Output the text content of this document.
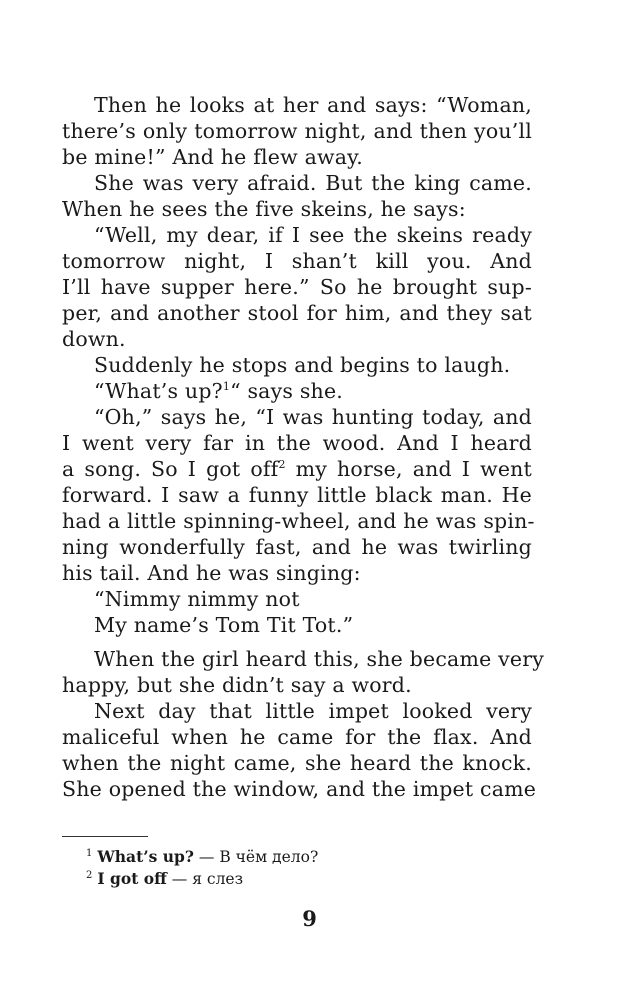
Then he looks at her and says: “Woman,
there’s only tomorrow night, and then you’ll
be mine!” And he flew away.
She was very afraid. But the king came.
When he sees the five skeins, he says:
“Well, my dear, if I see the skeins ready
tomorrow night, I shan’t kill you. And
I’ll have supper here.” So he brought sup-
per, and another stool for him, and they sat
down.
Suddenly he stops and begins to laugh.
“What’s up?$^1$“ says she.
“Oh,” says he, “I was hunting today, and
I went very far in the wood. And I heard
a song. So I got off$^2$ my horse, and I went
forward. I saw a funny little black man. He
had a little spinning-wheel, and he was spin-
ning wonderfully fast, and he was twirling
his tail. And he was singing:
“Nimmy nimmy not
My name’s Tom Tit Tot.”
When the girl heard this, she became very
happy, but she didn’t say a word.
Next day that little impet looked very
maliceful when he came for the flax. And
when the night came, she heard the knock.
She opened the window, and the impet came
$^1$ What’s up? — В чём дело?
$^2$ I got off — я слез
9
